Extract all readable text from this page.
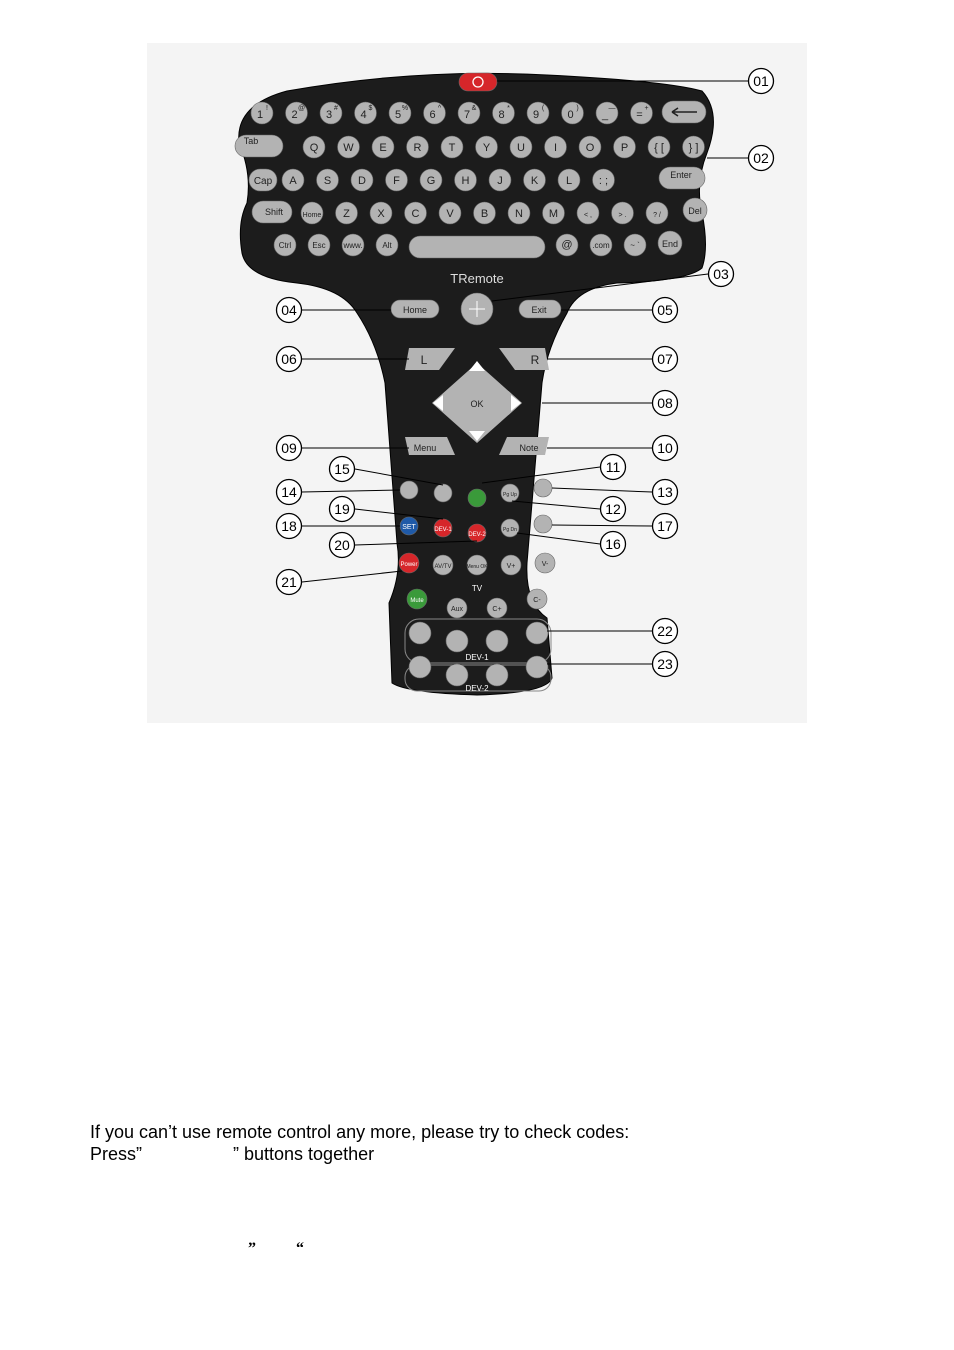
1
!
2
@
3
#
4
$
5
%
6
^
7
&
8
*
9
(
0
)
_
—
=
+
Tab
Q W E R T Y U	I	O P { [ } ]
Cap A S D F G H	J	K	L : ;	Enter
Shift	Home Z X C V B N M	< ,	> .	? /	Del
Ctrl	Esc www. Alt	@ .com	~ ` End
TRemote
Home	Exit
L	R
OK
Menu	Note
Pg Up
SET	DEV-1
DEV-2
Pg Dn
Power	AV/TV	Menu OK	V+	V-
TV
Mute
Aux	C+
C-
DEV-1
DEV-2
01
02
03
04	05
06	07
08
09	10
11
12
13
14
15
16
17
18
19
20
21
22
23
If you can’t use remote control any more, please try to check codes:
Press”	” buttons together
”	“
